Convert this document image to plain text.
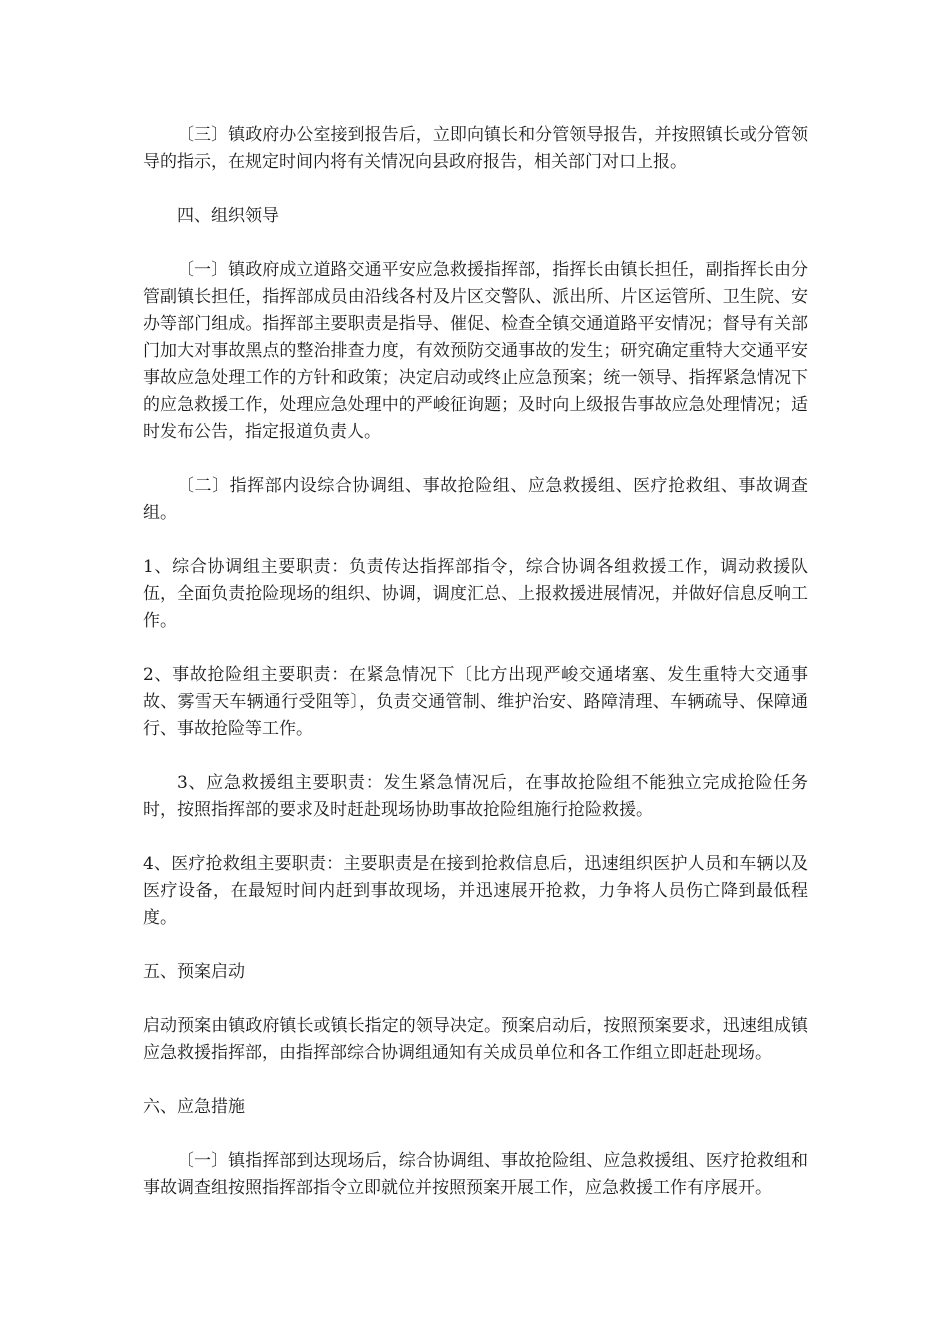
〔三〕镇政府办公室接到报告后，立即向镇长和分管领导报告，并按照镇长或分管领导的指示，在规定时间内将有关情况向县政府报告，相关部门对口上报。

四、组织领导

〔一〕镇政府成立道路交通平安应急救援指挥部，指挥长由镇长担任，副指挥长由分管副镇长担任，指挥部成员由沿线各村及片区交警队、派出所、片区运管所、卫生院、安办等部门组成。指挥部主要职责是指导、催促、检查全镇交通道路平安情况；督导有关部门加大对事故黑点的整治排查力度，有效预防交通事故的发生；研究确定重特大交通平安事故应急处理工作的方针和政策；决定启动或终止应急预案；统一领导、指挥紧急情况下的应急救援工作，处理应急处理中的严峻征询题；及时向上级报告事故应急处理情况；适时发布公告，指定报道负责人。

〔二〕指挥部内设综合协调组、事故抢险组、应急救援组、医疗抢救组、事故调查组。

1、综合协调组主要职责：负责传达指挥部指令，综合协调各组救援工作，调动救援队伍，全面负责抢险现场的组织、协调，调度汇总、上报救援进展情况，并做好信息反响工作。

2、事故抢险组主要职责：在紧急情况下〔比方出现严峻交通堵塞、发生重特大交通事故、雾雪天车辆通行受阻等〕，负责交通管制、维护治安、路障清理、车辆疏导、保障通行、事故抢险等工作。

3、应急救援组主要职责：发生紧急情况后，在事故抢险组不能独立完成抢险任务时，按照指挥部的要求及时赶赴现场协助事故抢险组施行抢险救援。

4、医疗抢救组主要职责：主要职责是在接到抢救信息后，迅速组织医护人员和车辆以及医疗设备，在最短时间内赶到事故现场，并迅速展开抢救，力争将人员伤亡降到最低程度。

五、预案启动

启动预案由镇政府镇长或镇长指定的领导决定。预案启动后，按照预案要求，迅速组成镇应急救援指挥部，由指挥部综合协调组通知有关成员单位和各工作组立即赶赴现场。

六、应急措施

〔一〕镇指挥部到达现场后，综合协调组、事故抢险组、应急救援组、医疗抢救组和事故调查组按照指挥部指令立即就位并按照预案开展工作，应急救援工作有序展开。
